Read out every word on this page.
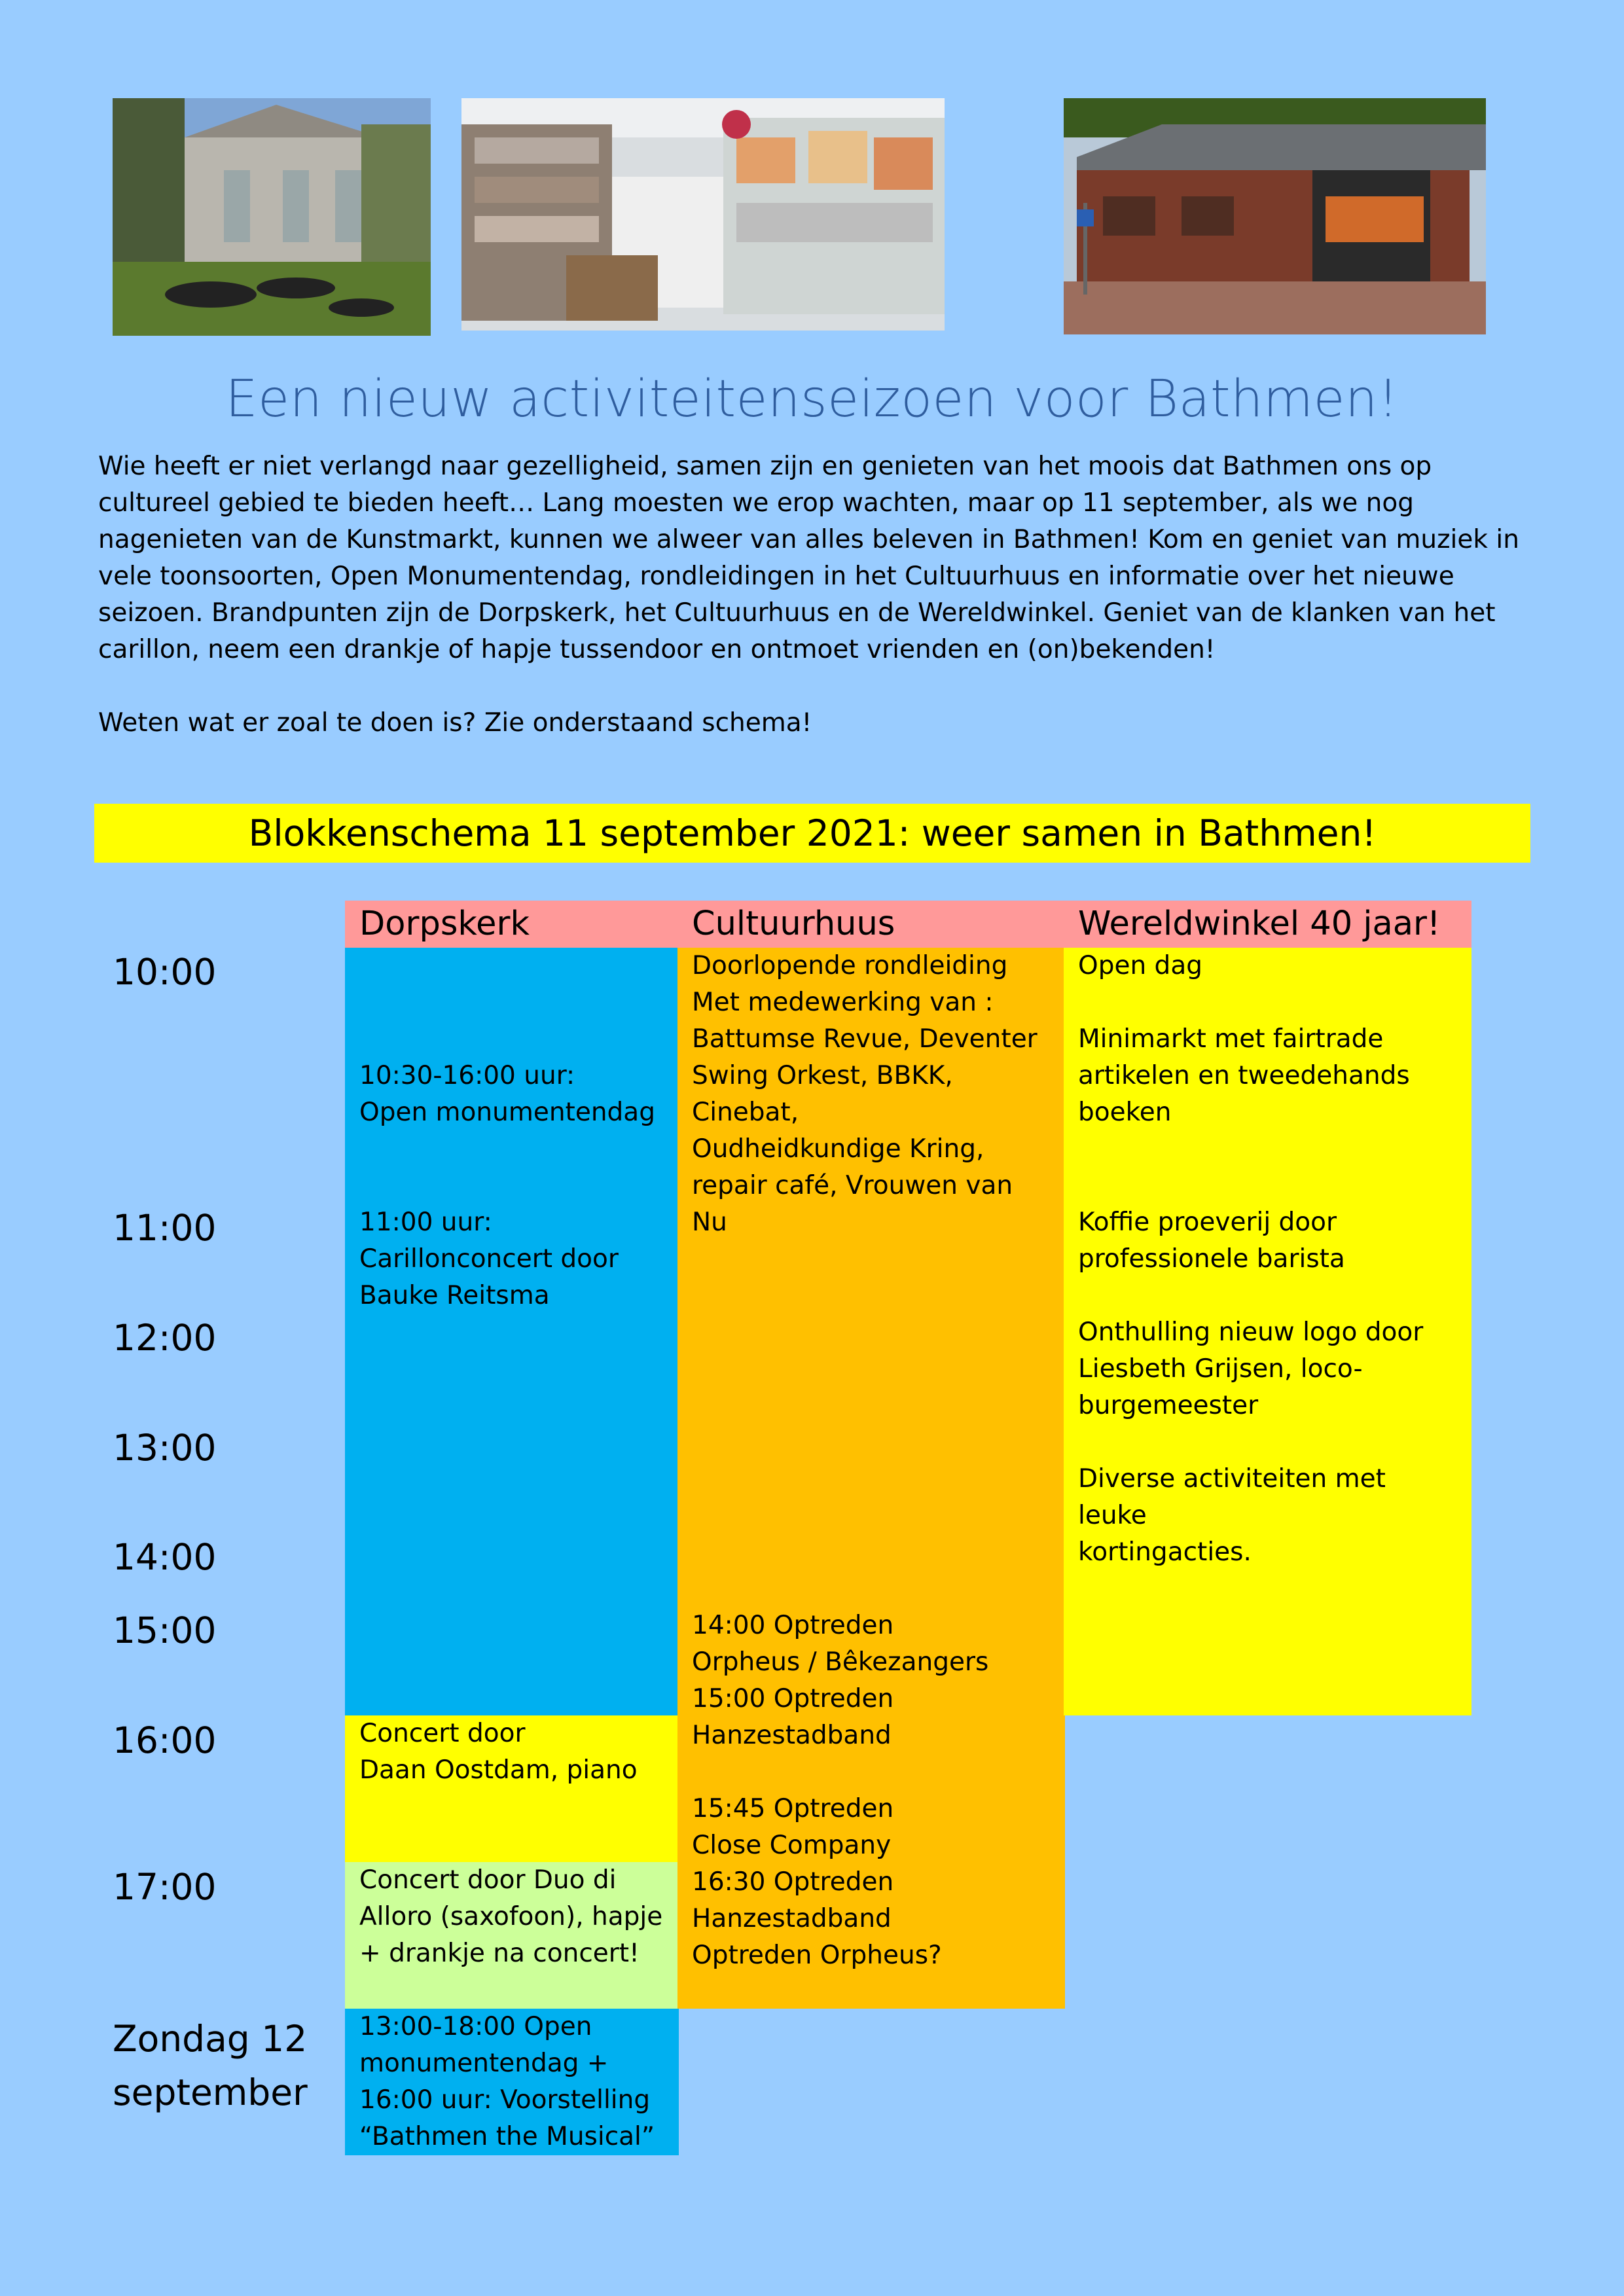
Een nieuw activiteitenseizoen voor Bathmen!

Wie heeft er niet verlangd naar gezelligheid, samen zijn en genieten van het moois dat Bathmen ons op cultureel gebied te bieden heeft… Lang moesten we erop wachten, maar op 11 september, als we nog nagenieten van de Kunstmarkt, kunnen we alweer van alles beleven in Bathmen! Kom en geniet van muziek in vele toonsoorten, Open Monumentendag, rondleidingen in het Cultuurhuus en informatie over het nieuwe seizoen. Brandpunten zijn de Dorpskerk, het Cultuurhuus en de Wereldwinkel. Geniet van de klanken van het carillon, neem een drankje of hapje tussendoor en ontmoet vrienden en (on)bekenden!

Weten wat er zoal te doen is? Zie onderstaand schema!

Blokkenschema 11 september 2021: weer samen in Bathmen!
Dorpskerk	Cultuurhuus	Wereldwinkel 40 jaar!
10:00
11:00
12:00
13:00
14:00
15:00
16:00
17:00
Zondag 12
september

10:30-16:00 uur:

Open monumentendag

11:00 uur:

Carillonconcert door

Bauke Reitsma

Concert door

Daan Oostdam, piano

Concert door Duo di

Alloro (saxofoon), hapje

+ drankje na concert!

13:00-18:00 Open

monumentendag +

16:00 uur: Voorstelling

“Bathmen the Musical”

Doorlopende rondleiding

Met medewerking van :

Battumse Revue, Deventer

Swing Orkest, BBKK, Cinebat,

Oudheidkundige Kring,

repair café, Vrouwen van Nu

14:00 Optreden

Orpheus / Bêkezangers

15:00 Optreden

Hanzestadband

15:45 Optreden

Close Company

16:30 Optreden

Hanzestadband

Optreden Orpheus?

Open dag

Minimarkt met fairtrade

artikelen en tweedehands

boeken

Koffie proeverij door

professionele barista

Onthulling nieuw logo door

Liesbeth Grijsen, loco-

burgemeester

Diverse activiteiten met leuke

kortingacties.
